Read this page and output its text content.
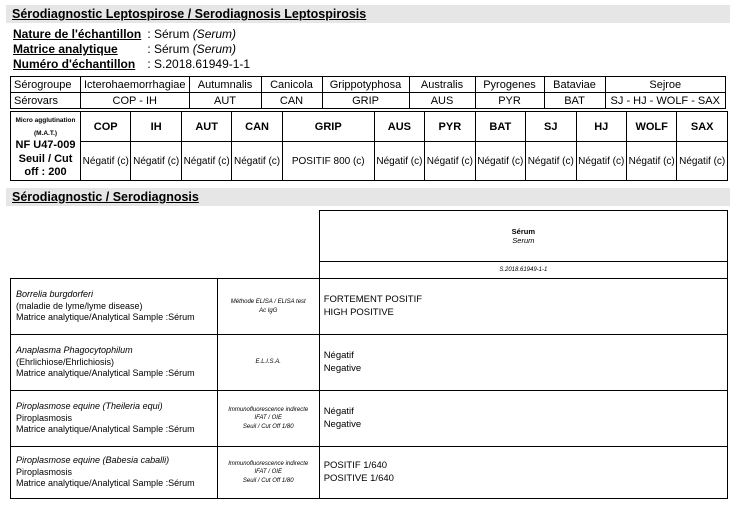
Sérodiagnostic Leptospirose / Serodiagnosis Leptospirosis
Nature de l'échantillon : Sérum (Serum)
Matrice analytique : Sérum (Serum)
Numéro d'échantillon : S.2018.61949-1-1
Sérogroupe	Icterohaemorrhagiae	Autumnalis	Canicola	Grippotyphosa	Australis	Pyrogenes	Bataviae	Sejroe
Sérovars	COP - IH	AUT	CAN	GRIP	AUS	PYR	BAT	SJ - HJ - WOLF - SAX
Micro agglutination (M.A.T.)
NF U47-009
Seuil / Cut off : 200	COP	IH	AUT	CAN	GRIP	AUS	PYR	BAT	SJ	HJ	WOLF	SAX
	Négatif (c)	Négatif (c)	Négatif (c)	Négatif (c)	POSITIF 800 (c)	Négatif (c)	Négatif (c)	Négatif (c)	Négatif (c)	Négatif (c)	Négatif (c)	Négatif (c)
Sérodiagnostic / Serodiagnosis
		Sérum
Serum
		S.2018.61949-1-1
Borrelia burgdorferi
(maladie de lyme/lyme disease)
Matrice analytique/Analytical Sample :Sérum	Méthode ELISA / ELISA test
Ac IgG	FORTEMENT POSITIF
HIGH POSITIVE
Anaplasma Phagocytophilum
(Ehrlichiose/Ehrlichiosis)
Matrice analytique/Analytical Sample :Sérum	E.L.I.S.A.	Négatif
Negative
Piroplasmose equine (Theileria equi)
Piroplasmosis
Matrice analytique/Analytical Sample :Sérum	Immunofluorescence indirecte
IFAT / OIE
Seuil / Cut Off 1/80	Négatif
Negative
Piroplasmose equine (Babesia caballi)
Piroplasmosis
Matrice analytique/Analytical Sample :Sérum	Immunofluorescence indirecte
IFAT / OIE
Seuil / Cut Off 1/80	POSITIF 1/640
POSITIVE 1/640
